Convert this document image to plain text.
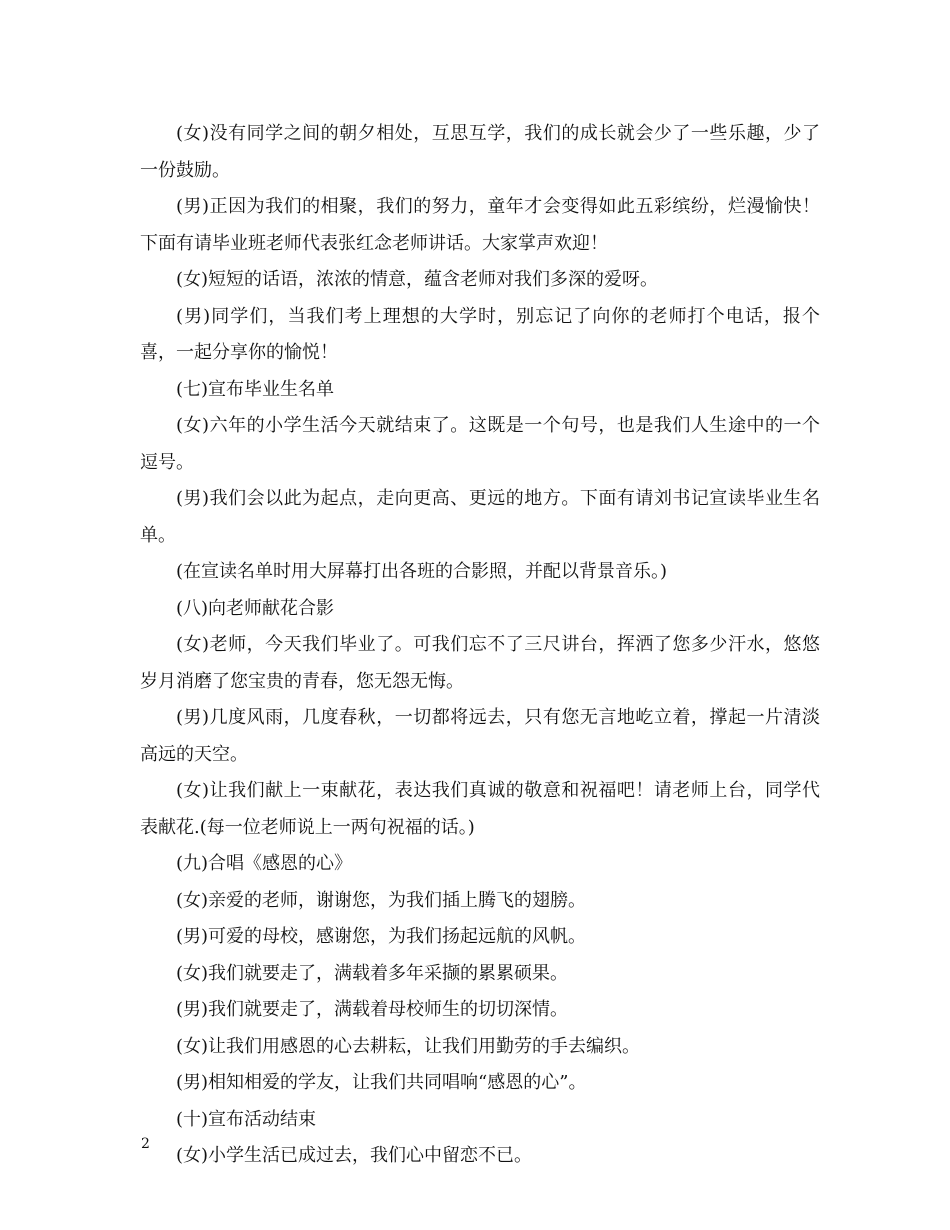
(女)没有同学之间的朝夕相处，互思互学，我们的成长就会少了一些乐趣，少了一份鼓励。

(男)正因为我们的相聚，我们的努力，童年才会变得如此五彩缤纷，烂漫愉快！下面有请毕业班老师代表张红念老师讲话。大家掌声欢迎！

(女)短短的话语，浓浓的情意，蕴含老师对我们多深的爱呀。

(男)同学们，当我们考上理想的大学时，别忘记了向你的老师打个电话，报个喜，一起分享你的愉悦！

(七)宣布毕业生名单

(女)六年的小学生活今天就结束了。这既是一个句号，也是我们人生途中的一个逗号。

(男)我们会以此为起点，走向更高、更远的地方。下面有请刘书记宣读毕业生名单。

(在宣读名单时用大屏幕打出各班的合影照，并配以背景音乐。)

(八)向老师献花合影

(女)老师，今天我们毕业了。可我们忘不了三尺讲台，挥洒了您多少汗水，悠悠岁月消磨了您宝贵的青春，您无怨无悔。

(男)几度风雨，几度春秋，一切都将远去，只有您无言地屹立着，撑起一片清淡高远的天空。

(女)让我们献上一束献花，表达我们真诚的敬意和祝福吧！请老师上台，同学代表献花.(每一位老师说上一两句祝福的话。)

(九)合唱《感恩的心》

(女)亲爱的老师，谢谢您，为我们插上腾飞的翅膀。

(男)可爱的母校，感谢您，为我们扬起远航的风帆。

(女)我们就要走了，满载着多年采撷的累累硕果。

(男)我们就要走了，满载着母校师生的切切深情。

(女)让我们用感恩的心去耕耘，让我们用勤劳的手去编织。

(男)相知相爱的学友，让我们共同唱响“感恩的心”。

(十)宣布活动结束

(女)小学生活已成过去，我们心中留恋不已。

2
